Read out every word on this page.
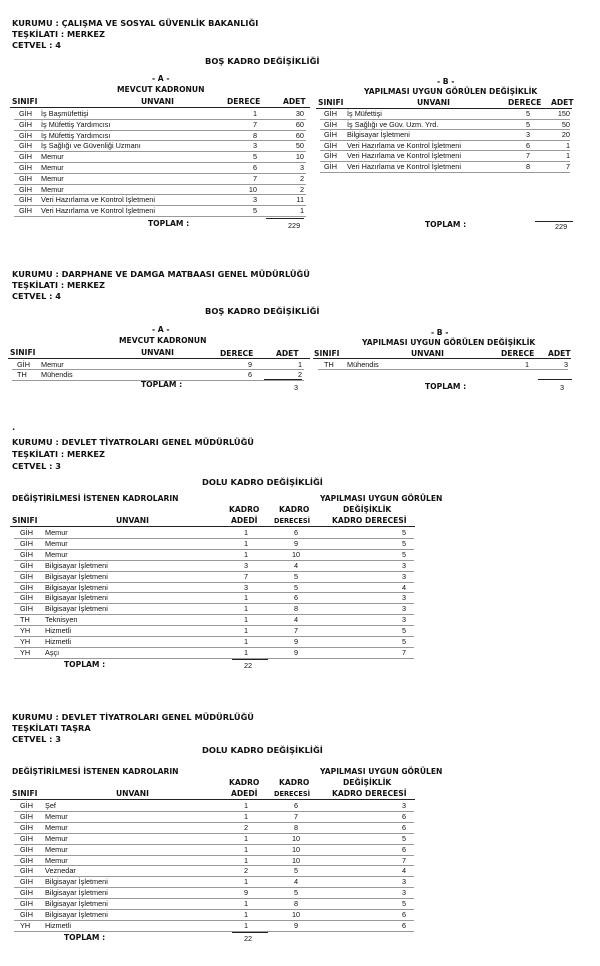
KURUMU : ÇALIŞMA VE SOSYAL GÜVENLİK BAKANLIĞI
TEŞKİLATI : MERKEZ
CETVEL : 4
BOŞ KADRO DEĞİŞİKLİĞİ
- A -
MEVCUT KADRONUN
- B -
YAPILMASI UYGUN GÖRÜLEN DEĞİŞİKLİK
SINIFI	UNVANI	DERECE	ADET SINIFI	UNVANI	DERECE ADET
GİH İş Başmüfettişi	1	30
GİH İş Müfettiş Yardımcısı	7	60
GİH İş Müfettiş Yardımcısı	8	60
GİH İş Sağlığı ve Güvenliği Uzmanı	3	50
GİH Memur	5	10
GİH Memur	6	3
GİH Memur	7	2
GİH Memur	10	2
GİH Veri Hazırlama ve Kontrol İşletmeni	3	11
GİH Veri Hazırlama ve Kontrol İşletmeni	5	1
GİH İş Müfettişi	5	150
GİH İş Sağlığı ve Güv. Uzm. Yrd.	5	50
GİH Bilgisayar İşletmeni	3	20
GİH Veri Hazırlama ve Kontrol İşletmeni	6	1
GİH Veri Hazırlama ve Kontrol İşletmeni	7	1
GİH Veri Hazırlama ve Kontrol İşletmeni	8	7
TOPLAM :	229	TOPLAM :	229
KURUMU : DARPHANE VE DAMGA MATBAASI GENEL MÜDÜRLÜĞÜ
TEŞKİLATI : MERKEZ
CETVEL : 4
BOŞ KADRO DEĞİŞİKLİĞİ
- A -
MEVCUT KADRONUN
- B -
YAPILMASI UYGUN GÖRÜLEN DEĞİŞİKLİK
SINIFI	UNVANI	DERECE	ADET SINIFI	UNVANI	DERECE ADET
GİH Memur	9	1
TH Mühendis	6	2
TH Mühendis	1	3
TOPLAM :	3	TOPLAM :	3
.
KURUMU : DEVLET TİYATROLARI GENEL MÜDÜRLÜĞÜ
TEŞKİLATI : MERKEZ
CETVEL : 3
DOLU KADRO DEĞİŞİKLİĞİ
DEĞİŞTİRİLMESİ İSTENEN KADROLARIN	YAPILMASI UYGUN GÖRÜLEN
DEĞİŞİKLİK
KADRO DERECESİ
KADRO
ADEDİ
KADRO
DERECESİ
SINIFI	UNVANI
GİH Memur	1	6	5
GİH Memur	1	9	5
GİH Memur	1	10	5
GİH Bilgisayar İşletmeni	3	4	3
GİH Bilgisayar İşletmeni	7	5	3
GİH Bilgisayar İşletmeni	3	5	4
GİH Bilgisayar İşletmeni	1	6	3
GİH Bilgisayar İşletmeni	1	8	3
TH Teknisyen	1	4	3
YH Hizmetli	1	7	5
YH Hizmetli	1	9	5
YH Aşçı	1	9	7
TOPLAM :	22
KURUMU : DEVLET TİYATROLARI GENEL MÜDÜRLÜĞÜ
TEŞKİLATI TAŞRA
CETVEL : 3
DOLU KADRO DEĞİŞİKLİĞİ
DEĞİŞTİRİLMESİ İSTENEN KADROLARIN	YAPILMASI UYGUN GÖRÜLEN
DEĞİŞİKLİK
KADRO DERECESİ
KADRO
ADEDİ
KADRO
DERECESİ
SINIFI	UNVANI
GİH Şef	1	6	3
GİH Memur	1	7	6
GİH Memur	2	8	6
GİH Memur	1	10	5
GİH Memur	1	10	6
GİH Memur	1	10	7
GİH Veznedar	2	5	4
GİH Bilgisayar İşletmeni	1	4	3
GİH Bilgisayar İşletmeni	9	5	3
GİH Bilgisayar İşletmeni	1	8	5
GİH Bilgisayar İşletmeni	1	10	6
YH Hizmetli	1	9	6
TOPLAM :	22
